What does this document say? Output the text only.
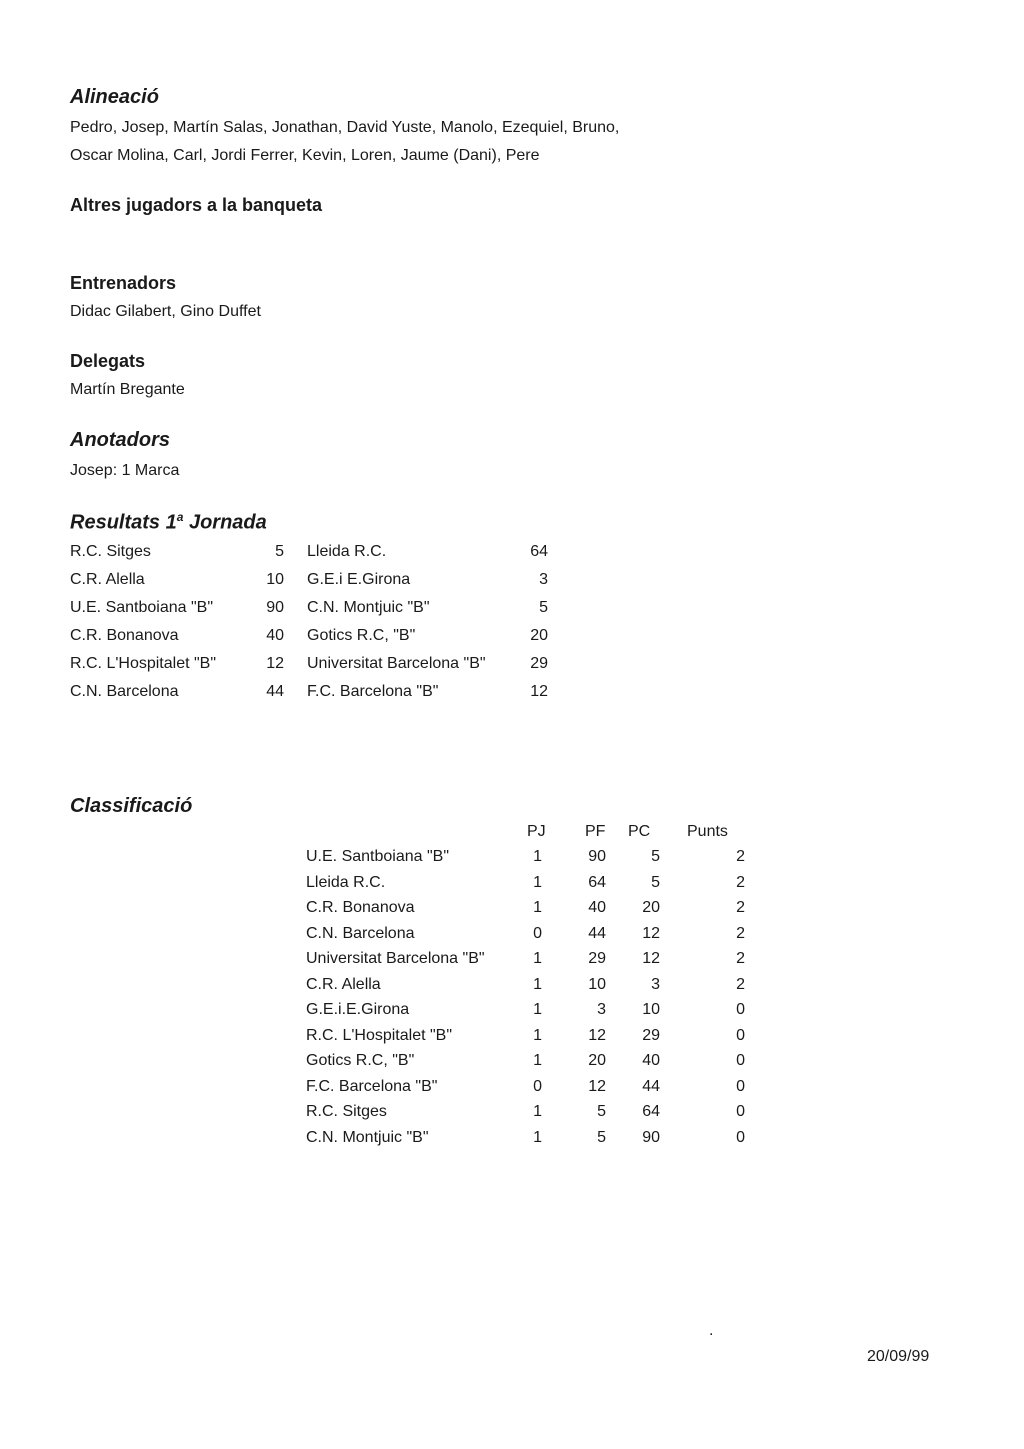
Alineació
Pedro, Josep, Martín Salas, Jonathan, David Yuste, Manolo, Ezequiel, Bruno,
Oscar Molina, Carl, Jordi Ferrer, Kevin, Loren, Jaume (Dani), Pere
Altres jugadors a la banqueta
Entrenadors
Didac Gilabert, Gino Duffet
Delegats
Martín Bregante
Anotadors
Josep: 1 Marca
Resultats 1$^a$ Jornada
R.C. Sitges	5 Lleida R.C.	64
C.R. Alella	10 G.E.i E.Girona	3
U.E. Santboiana "B"	90 C.N. Montjuic "B"	5
C.R. Bonanova	40 Gotics R.C, "B"	20
R.C. L'Hospitalet "B"	12 Universitat Barcelona "B"	29
C.N. Barcelona	44 F.C. Barcelona "B"	12
Classificació
PJ PF PC Punts
U.E. Santboiana "B"	1	90	5	2
Lleida R.C.	1	64	5	2
C.R. Bonanova	1	40	20	2
C.N. Barcelona	0	44	12	2
Universitat Barcelona "B"	1	29	12	2
C.R. Alella	1	10	3	2
G.E.i.E.Girona	1	3	10	0
R.C. L'Hospitalet "B"	1	12	29	0
Gotics R.C, "B"	1	20	40	0
F.C. Barcelona "B"	0	12	44	0
R.C. Sitges	1	5	64	0
C.N. Montjuic "B"	1	5	90	0
.
20/09/99
